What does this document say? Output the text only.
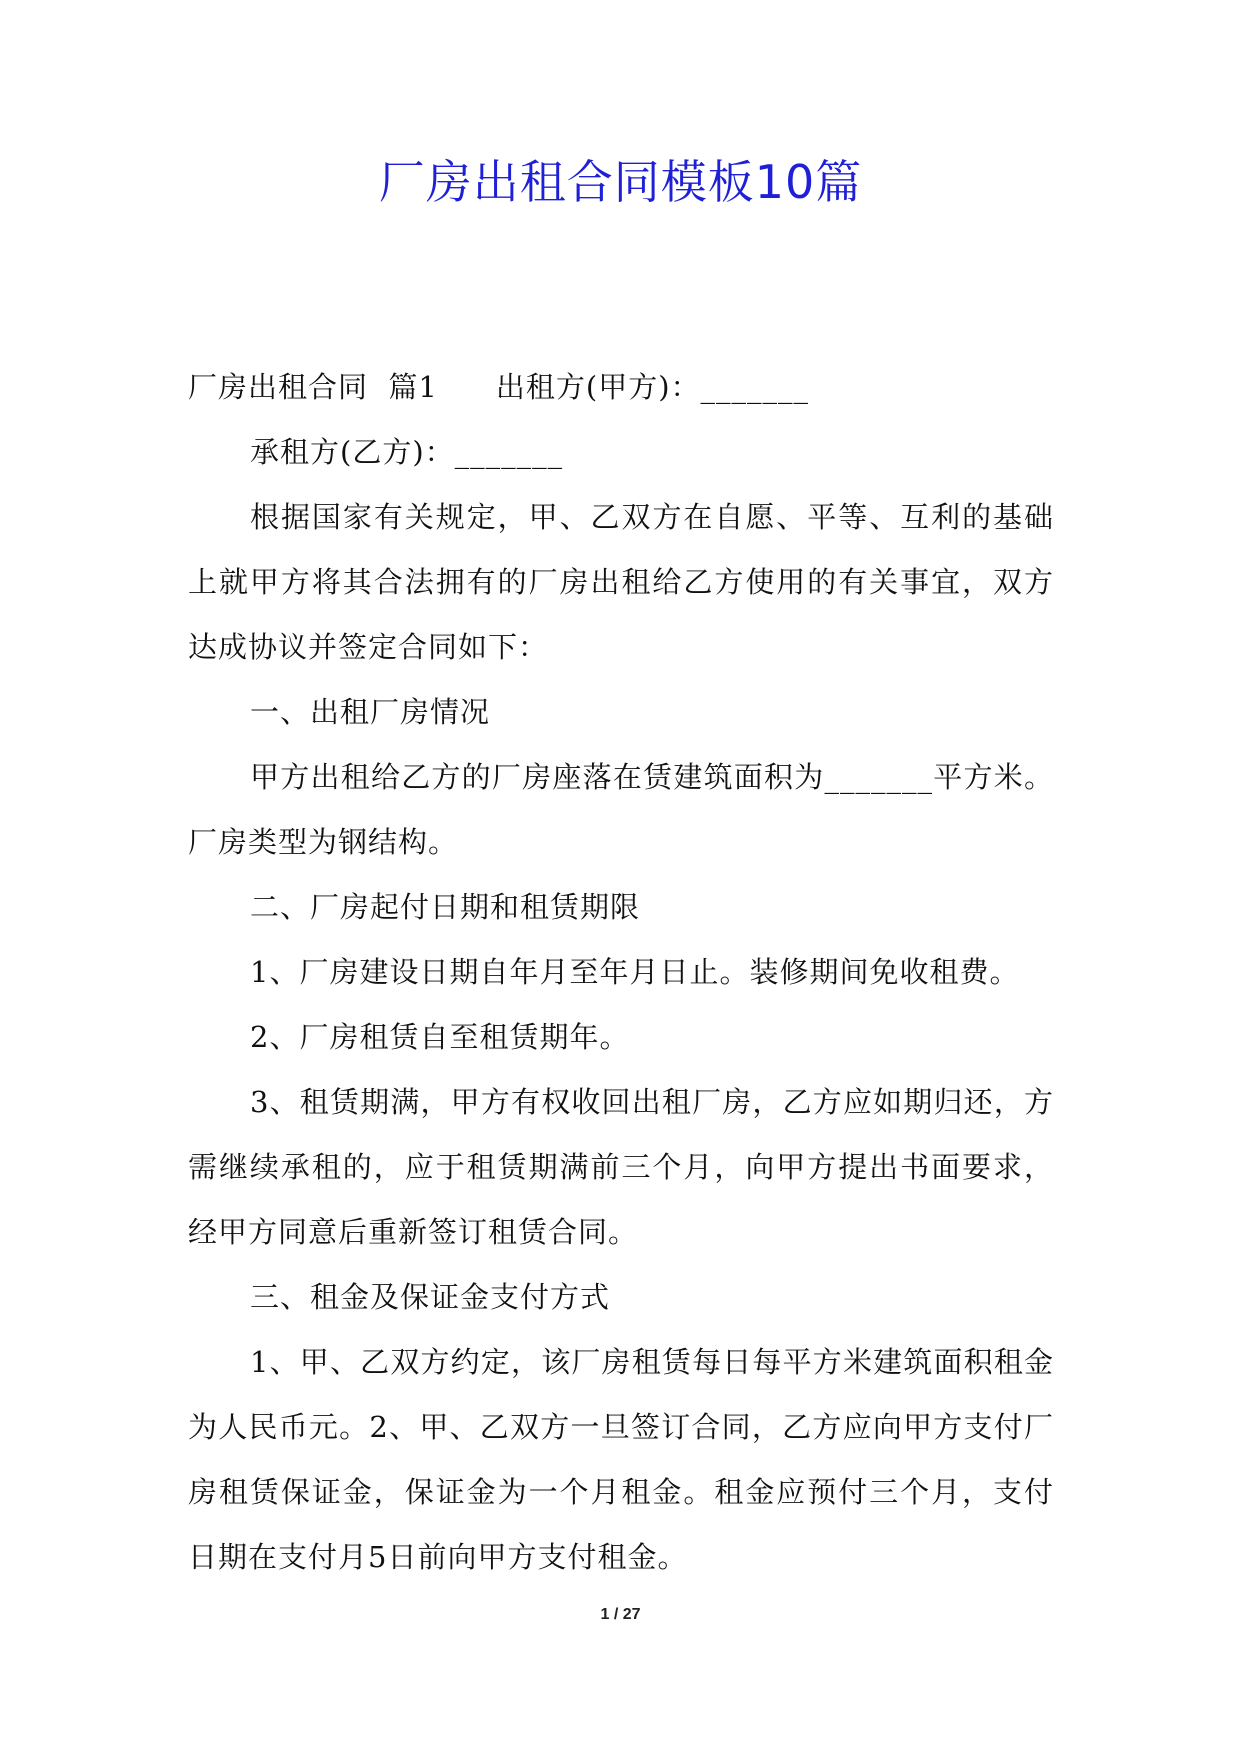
厂房出租合同模板10篇

厂房出租合同  篇1 出租方(甲方)：_______

承租方(乙方)：_______

根据国家有关规定，甲、乙双方在自愿、平等、互利的基础上就甲方将其合法拥有的厂房出租给乙方使用的有关事宜，双方达成协议并签定合同如下：

一、出租厂房情况

甲方出租给乙方的厂房座落在赁建筑面积为_______平方米。厂房类型为钢结构。

二、厂房起付日期和租赁期限

1、厂房建设日期自年月至年月日止。装修期间免收租费。

2、厂房租赁自至租赁期年。

3、租赁期满，甲方有权收回出租厂房，乙方应如期归还，方需继续承租的，应于租赁期满前三个月，向甲方提出书面要求，经甲方同意后重新签订租赁合同。

三、租金及保证金支付方式

1、甲、乙双方约定，该厂房租赁每日每平方米建筑面积租金为人民币元。2、甲、乙双方一旦签订合同，乙方应向甲方支付厂房租赁保证金，保证金为一个月租金。租金应预付三个月，支付日期在支付月5日前向甲方支付租金。

1 / 27
